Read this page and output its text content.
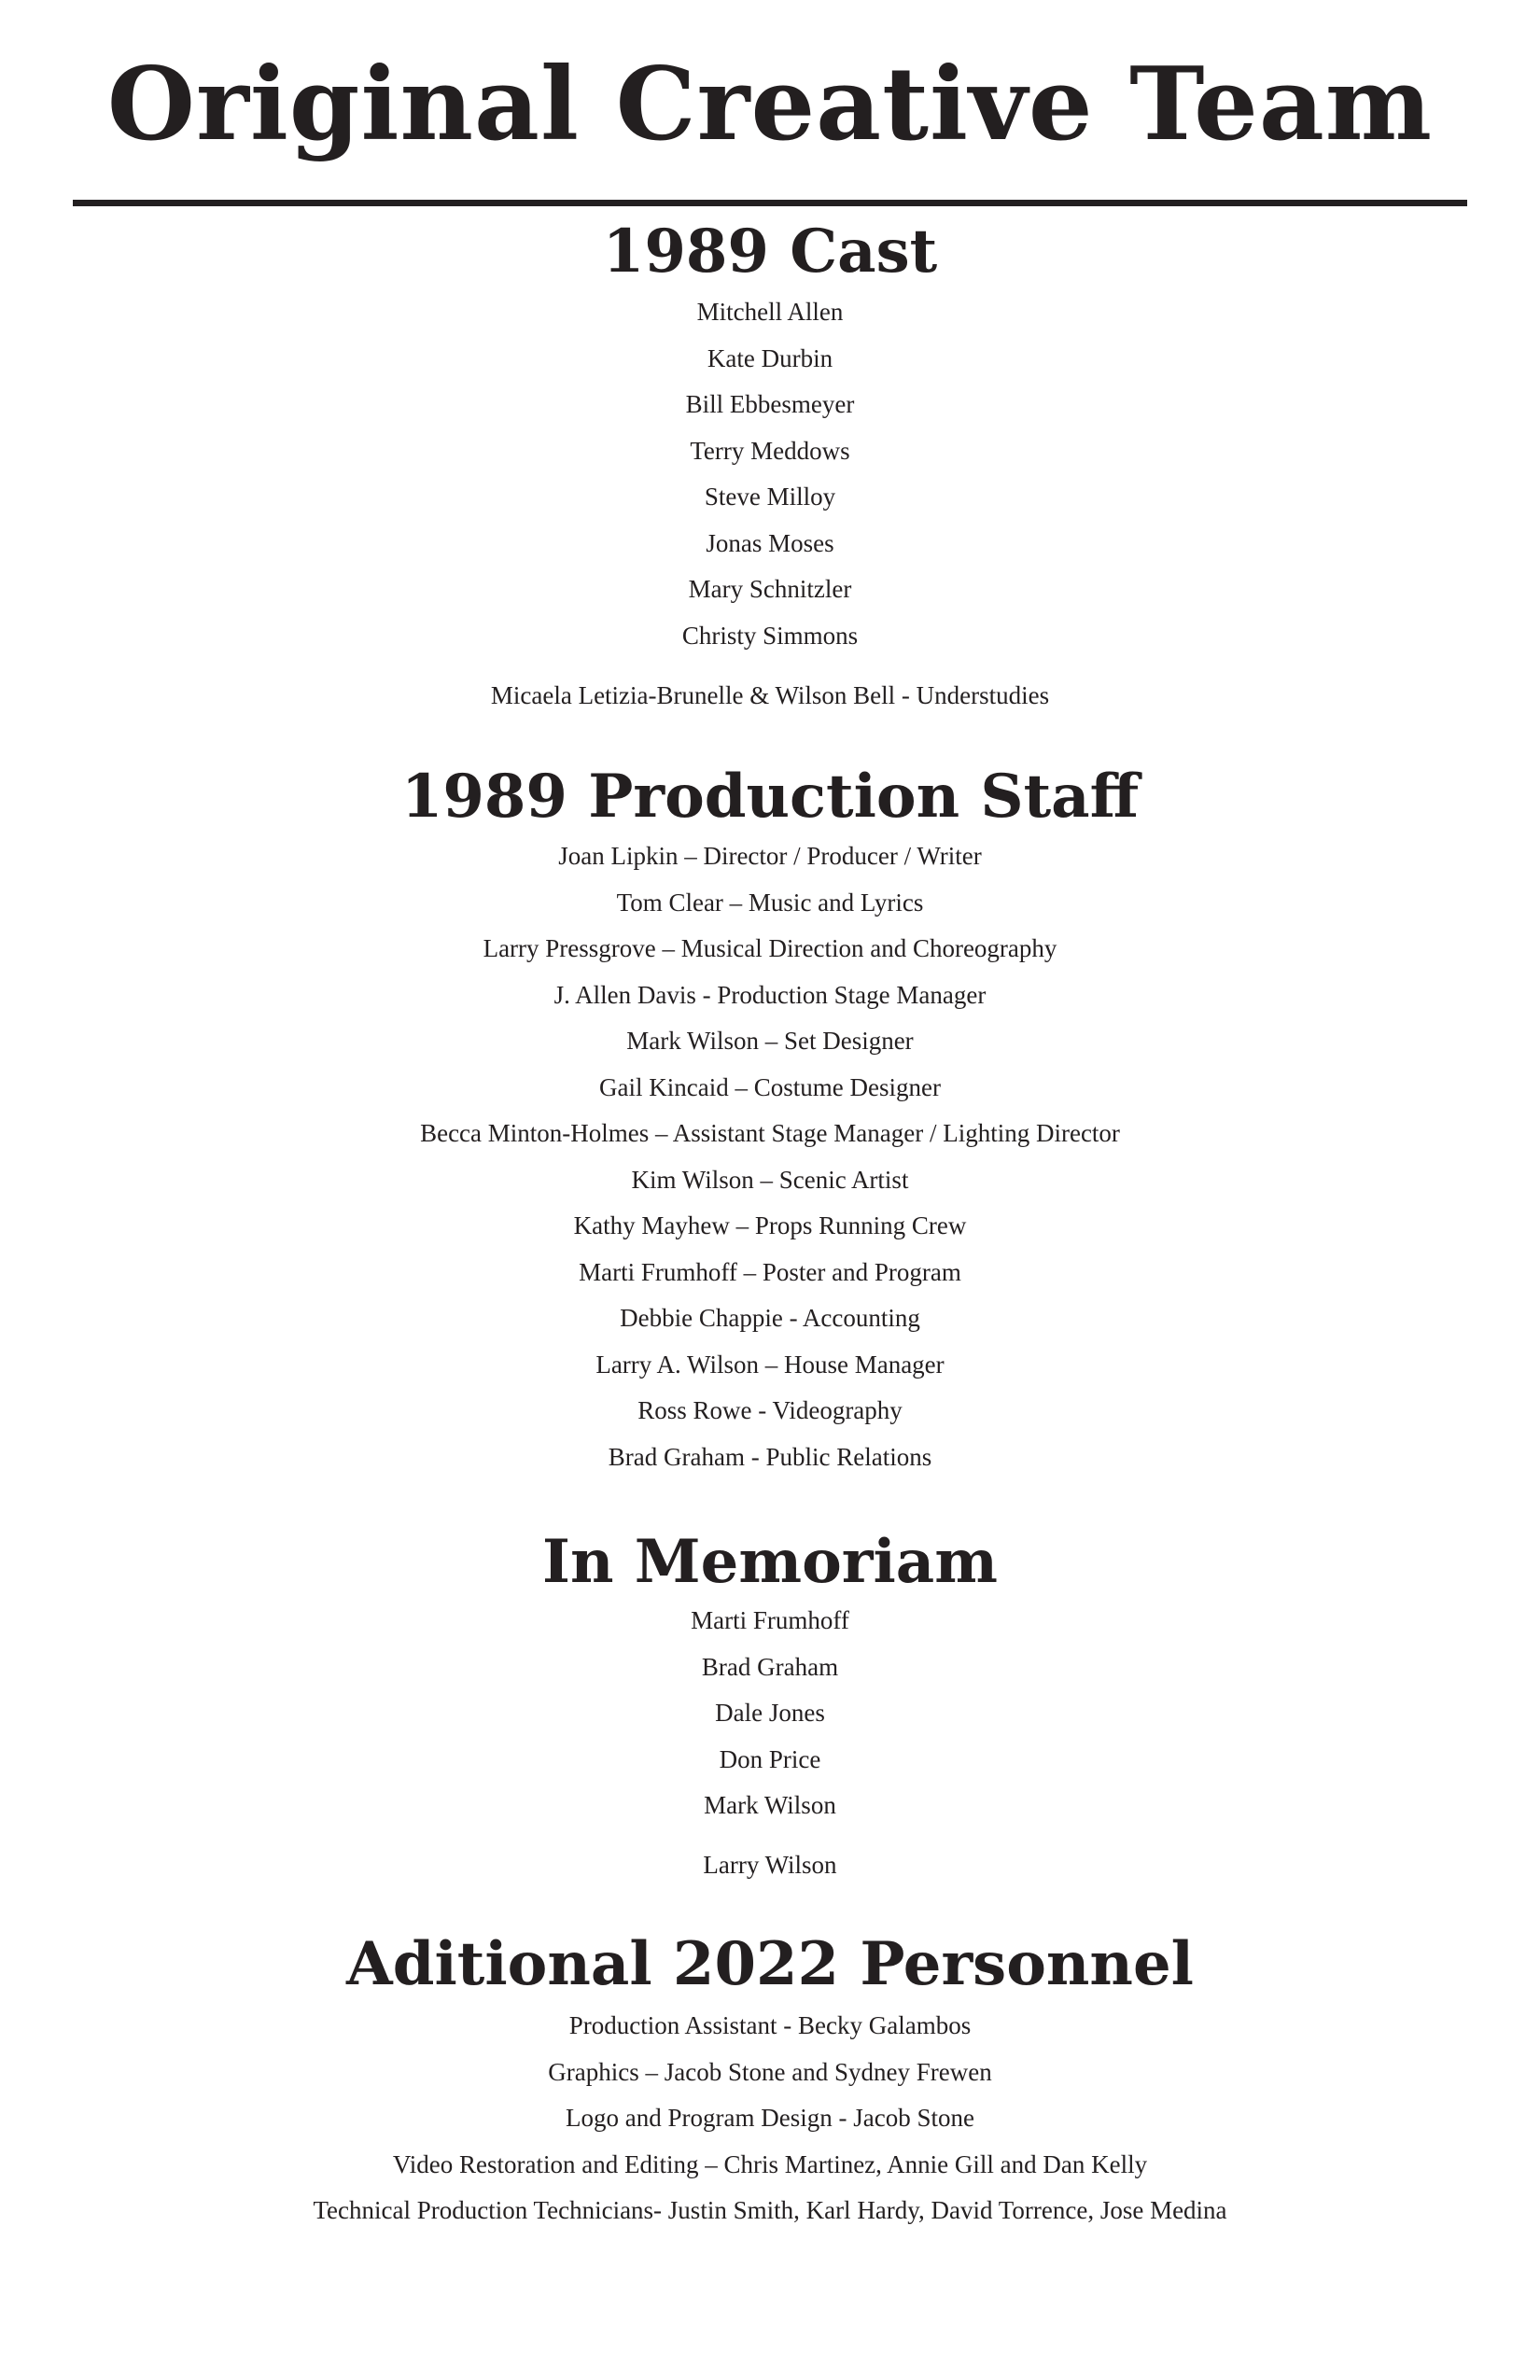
Original Creative Team
1989 Cast
Mitchell Allen
Kate Durbin
Bill Ebbesmeyer
Terry Meddows
Steve Milloy
Jonas Moses
Mary Schnitzler
Christy Simmons

Micaela Letizia-Brunelle & Wilson Bell - Understudies

1989 Production Staff
Joan Lipkin – Director / Producer / Writer
Tom Clear – Music and Lyrics
Larry Pressgrove – Musical Direction and Choreography
J. Allen Davis - Production Stage Manager
Mark Wilson – Set Designer
Gail Kincaid – Costume Designer
Becca Minton-Holmes – Assistant Stage Manager / Lighting Director
Kim Wilson – Scenic Artist
Kathy Mayhew – Props Running Crew
Marti Frumhoff – Poster and Program
Debbie Chappie - Accounting
Larry A. Wilson – House Manager
Ross Rowe - Videography
Brad Graham - Public Relations
In Memoriam
Marti Frumhoff
Brad Graham
Dale Jones
Don Price
Mark Wilson

Larry Wilson

Aditional 2022 Personnel
Production Assistant - Becky Galambos
Graphics – Jacob Stone and Sydney Frewen
Logo and Program Design - Jacob Stone
Video Restoration and Editing – Chris Martinez, Annie Gill and Dan Kelly
Technical Production Technicians- Justin Smith, Karl Hardy, David Torrence, Jose Medina
